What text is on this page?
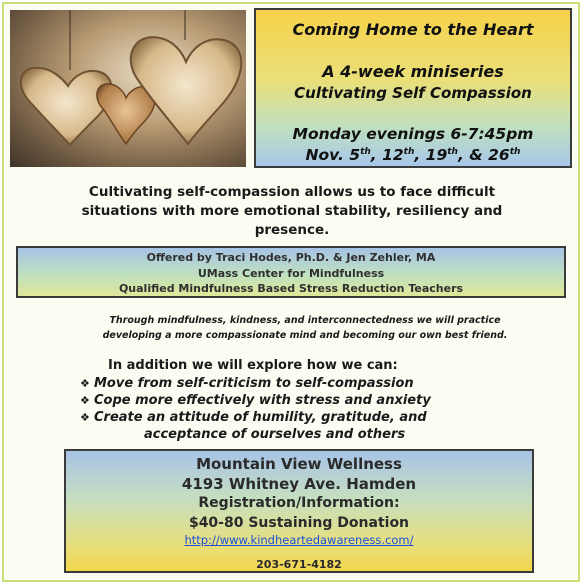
Coming Home to the Heart
A 4-week miniseries
Cultivating Self Compassion
Monday evenings 6-7:45pm
Nov. 5th, 12th, 19th, & 26th
Cultivating self-compassion allows us to face difficult
situations with more emotional stability, resiliency and
presence.
Offered by Traci Hodes, Ph.D. & Jen Zehler, MA
UMass Center for Mindfulness
Qualified Mindfulness Based Stress Reduction Teachers
Through mindfulness, kindness, and interconnectedness we will practice
developing a more compassionate mind and becoming our own best friend.
In addition we will explore how we can:
❖ Move from self-criticism to self-compassion
❖ Cope more effectively with stress and anxiety
❖ Create an attitude of humility, gratitude, and
acceptance of ourselves and others
Mountain View Wellness
4193 Whitney Ave. Hamden
Registration/Information:
$40-80 Sustaining Donation
http://www.kindheartedawareness.com/
203-671-4182
